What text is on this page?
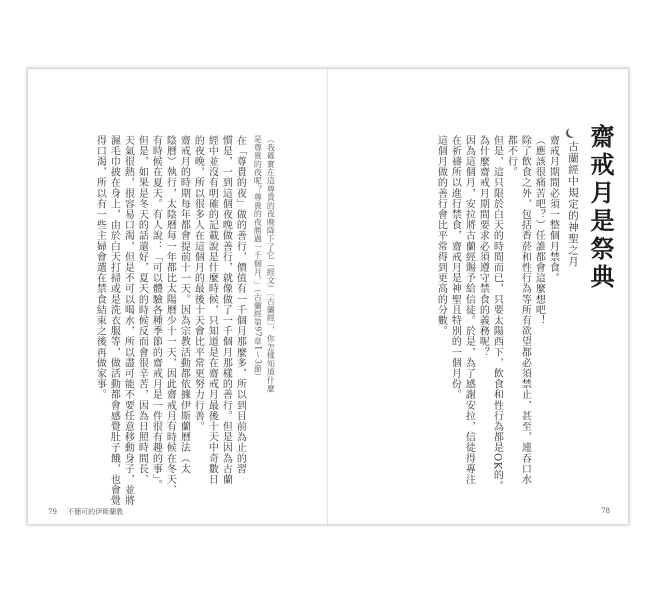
（我確實在這尊貴的夜晚降下了它（經文）〔古蘭經〕，你怎樣知道什麼
是尊貴的夜呢？尊貴的夜勝過一千個月。」（古蘭經第97章1〜3節）
在「尊貴的夜」做的善行，價值有一千個月那麼多，所以到目前為止的習
慣是，一到這個夜晚做善行，就像做了一千個月那樣的善行。但是因為古蘭
經中並沒有明確的記載說是什麼時候，只知道是在齋戒月最後十天中奇數日
的夜晚，所以很多人在這個月的最後十天會比平常更努力行善。
齋戒月的時期每年都會提前十一天。因為宗教活動都依據伊斯蘭曆法（太
陰曆）執行，太陰曆每一年都比太陽曆少十一天，因此齋戒月有時候在冬天、
有時候在夏天。有人說：「可以體驗各種季節的齋戒月是一件很有趣的事」。
但是，如果是冬天的話還好，夏天的時候反而會很辛苦，因為日照時間長、
天氣很熱，很容易口渴，但是不可以喝水，所以盡可能不要任意移動身子，並將
濕毛巾披在身上，由於白天打掃或是洗衣服等，做活動都會感覺肚子餓，也會覺
得口渴，所以有一些主婦會選在禁食結束之後再做家事。
79 不簡可的伊斯蘭教
齋戒月是祭典
古蘭經中規定的神聖之月
齋戒月期間必須一整個月禁食。
（應該很痛苦吧？）任誰都會這麼想吧！
除了飲食之外，包括香菸和性行為等所有欲望都必須禁止，甚至，連吞口水
都不行。
但是，這只限於白天的時間而已，只要太陽西下，飲食和性行為都是OK的。
為什麼齋戒月期間要求必須遵守禁食的義務呢？
因為這個月，安拉將古蘭經賜予給信徒。於是，為了感謝安拉，信徒得專注
在祈禱所以進行禁食，齋戒月是神聖且特別的一個月份。
這個月做的善行會比平常得到更高的分數。
78
